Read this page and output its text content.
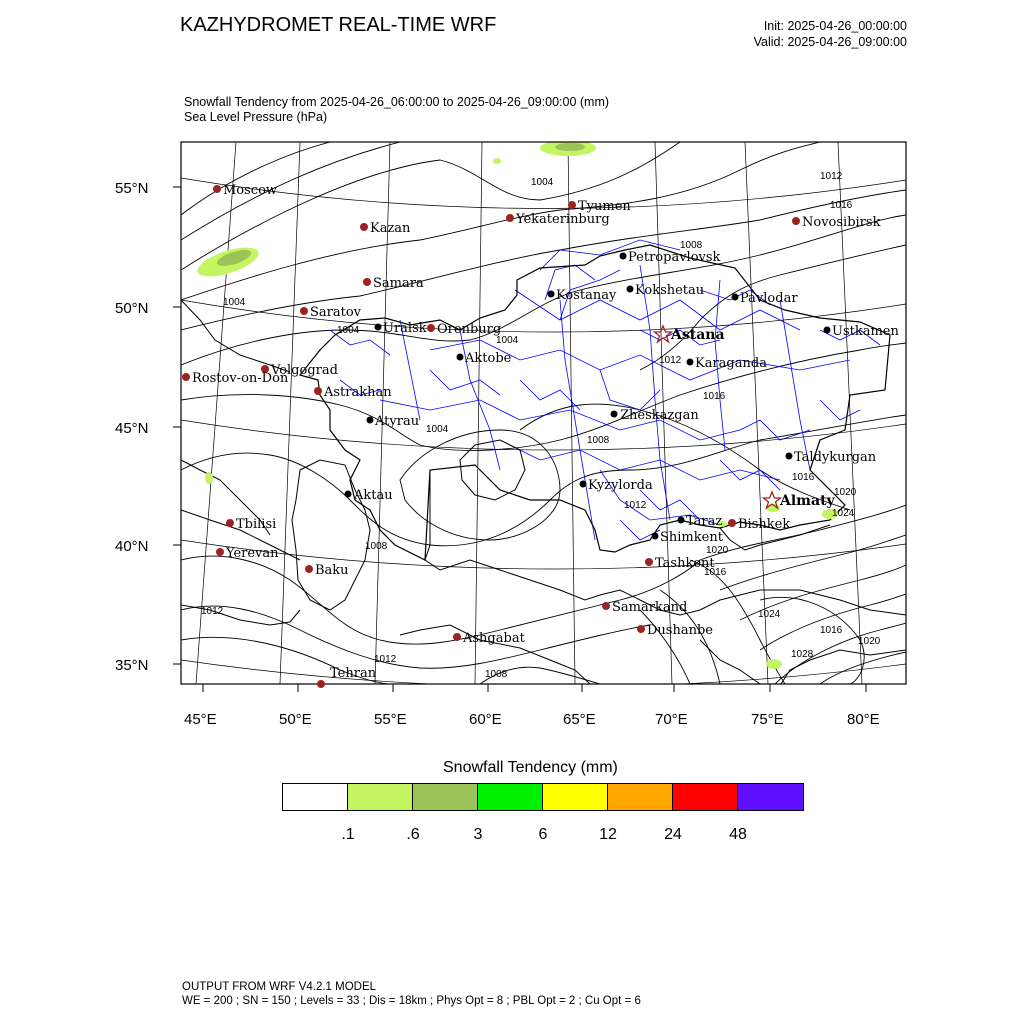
KAZHYDROMET REAL-TIME WRF	Init: 2025-04-26_00:00:00
Valid: 2025-04-26_09:00:00
Snowfall Tendency from 2025-04-26_06:00:00 to 2025-04-26_09:00:00 (mm)
Sea Level Pressure (hPa)
55°N
50°N
45°N
40°N
35°N
45°E	50°E	55°E	60°E	65°E	70°E	75°E	80°E
1004
1012
1016
1008
1004
1004
1004
1012
1016
1004
1008
1016
1020
1024
1012
1020
1008
1016
1024
1016
1020
1012
1028
1012
1008
Petropavlovsk
Kostanay Kokshetau
Pavlodar
Uralsk
Aktobe
Ustkamen
Karaganda
Zheskazgan
Atyrau
Taldykurgan
Kyzylorda
Aktau
Taraz
Shimkent
Astana
Almaty
Moscow
Kazan
Tyumen
Yekaterinburg	Novosibirsk
Samara
Saratov
Orenburg
Volgograd
Rostov-on-Don
Astrakhan
Tbilisi
Yerevan
Baku
Bishkek
Tashkent
Samarkand
Dushanbe
Ashgabat
Tehran
Snowfall Tendency (mm)
.1	.6	3	6	12	24	48
OUTPUT FROM WRF V4.2.1 MODEL
WE = 200 ; SN = 150 ; Levels = 33 ; Dis = 18km ; Phys Opt = 8 ; PBL Opt = 2 ; Cu Opt = 6
